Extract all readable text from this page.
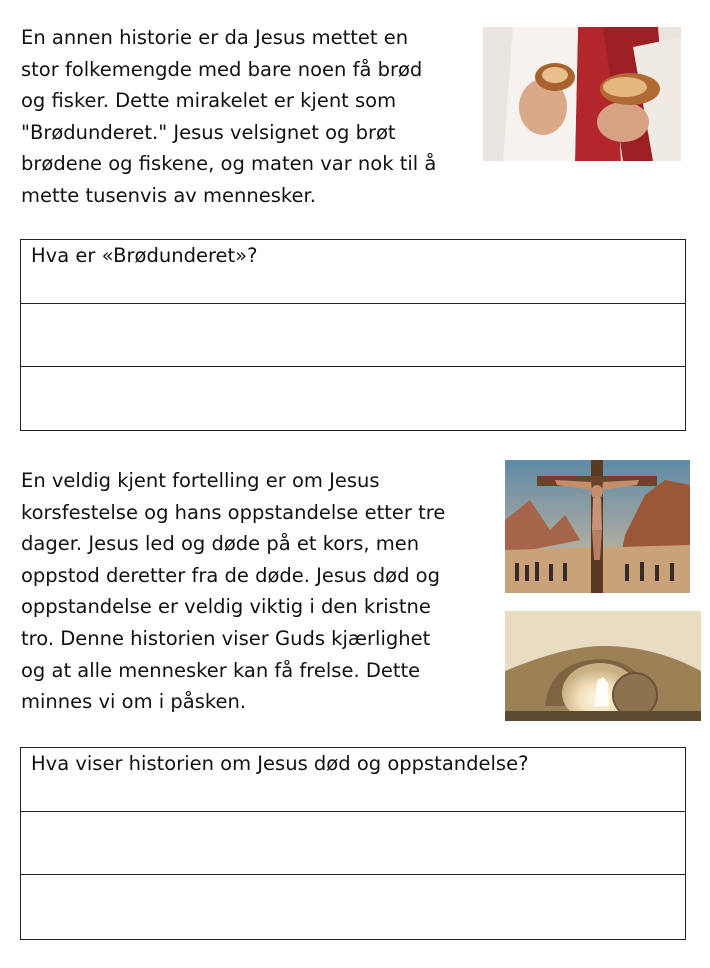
En annen historie er da Jesus mettet en
stor folkemengde med bare noen få brød
og fisker. Dette mirakelet er kjent som
"Brødunderet." Jesus velsignet og brøt
brødene og fiskene, og maten var nok til å
mette tusenvis av mennesker.

Hva er «Brødunderet»?

En veldig kjent fortelling er om Jesus
korsfestelse og hans oppstandelse etter tre
dager. Jesus led og døde på et kors, men
oppstod deretter fra de døde. Jesus død og
oppstandelse er veldig viktig i den kristne
tro. Denne historien viser Guds kjærlighet
og at alle mennesker kan få frelse. Dette
minnes vi om i påsken.

Hva viser historien om Jesus død og oppstandelse?
